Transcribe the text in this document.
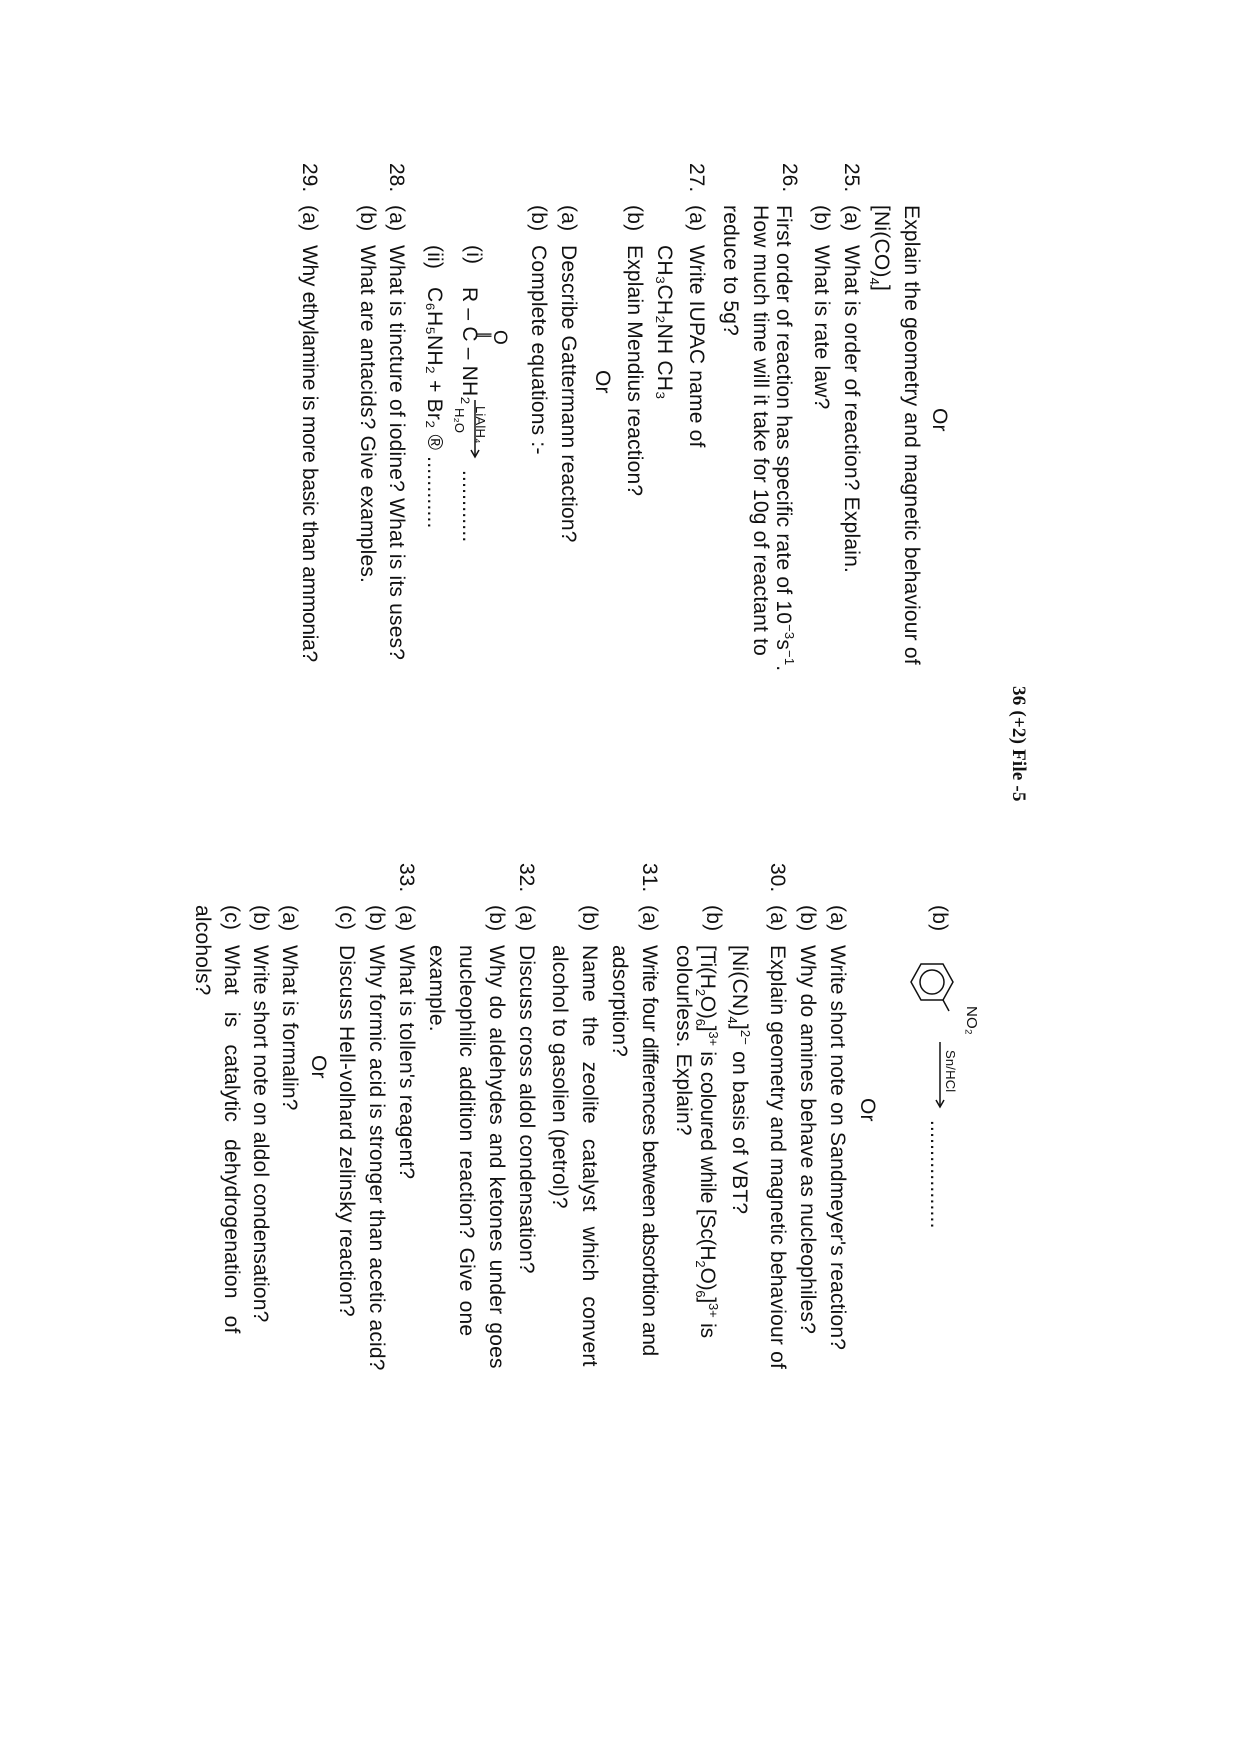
36 (+2) File -5
Or
Explain the geometry and magnetic behaviour of
$[Ni(CO)_4]$
25.
(a)
What is order of reaction? Explain.
(b)
What is rate law?
26.
First order of reaction has specific rate of $10^{-3}s^{-1}$.
How much time will it take for 10g of reactant to
reduce to 5g?
27.
(a)
Write IUPAC name of
CH₃CH₂NH CH₃
(b)
Explain Mendius reaction?
Or
(a)
Describe Gattermann reaction?
(b)
Complete equations :-
(i)
O
||
R – C – NH₂
LiAlH₄
H₂O
............
(ii)
C₆H₅NH₂ + Br₂ ® ............
28.
(a)
What is tincture of iodine? What is its uses?
(b)
What are antacids? Give examples.
29.
(a)
Why ethylamine is more basic than ammonia?
(b)
NO₂
Sn/HCl
..................
Or
(a)
Write short note on Sandmeyer's reaction?
(b)
Why do amines behave as nucleophiles?
30.
(a)
Explain geometry and magnetic behaviour of
$[Ni(CN)_4]^{2-}$ on basis of VBT?
(b)
$[Ti(H_2O)_6]^{3+}$ is coloured while $[Sc(H_2O)_6]^{3+}$ is
colourless. Explain?
31.
(a)
Write four differences between absorbtion and
adsorption?
(b)
Name the zeolite catalyst which convert
alcohol to gasolien (petrol)?
32.
(a)
Discuss cross aldol condensation?
(b)
Why do aldehydes and ketones under goes
nucleophilic addition reaction? Give one
example.
33.
(a)
What is tollen's reagent?
(b)
Why formic acid is stronger than acetic acid?
(c)
Discuss Hell-volhard zelinsky reaction?
Or
(a)
What is formalin?
(b)
Write short note on aldol condensation?
(c)
What is catalytic dehydrogenation of
alcohols?
